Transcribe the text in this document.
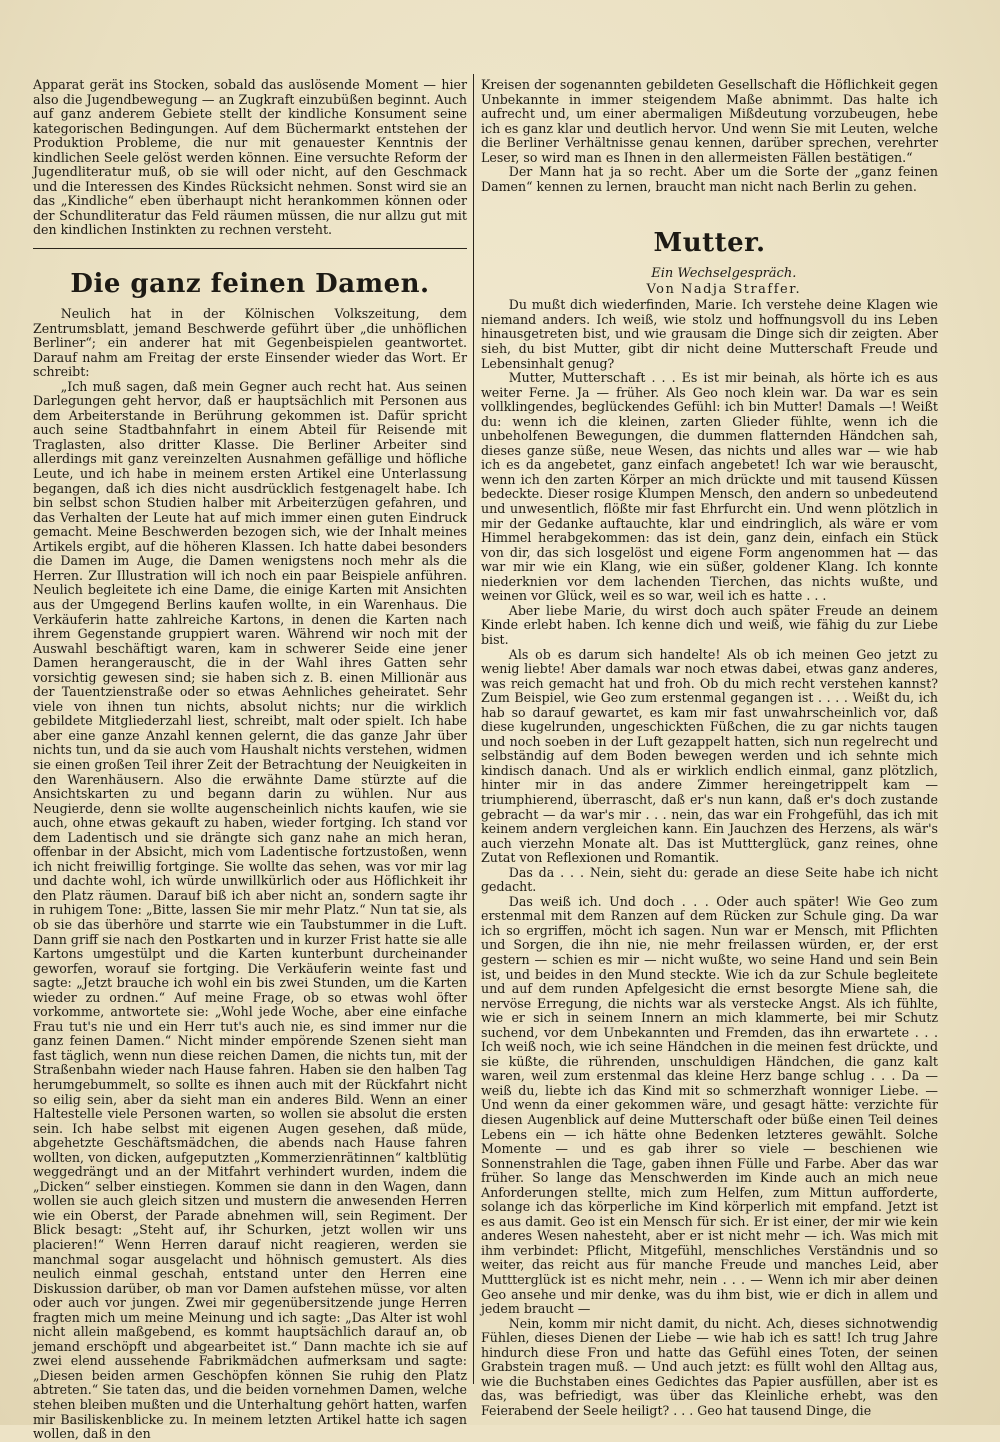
Apparat gerät ins Stocken, sobald das auslösende Moment — hier also die Jugendbewegung — an Zugkraft einzubüßen beginnt. Auch auf ganz anderem Gebiete stellt der kindliche Konsument seine kategorischen Bedingungen. Auf dem Büchermarkt entstehen der Produktion Probleme, die nur mit genauester Kenntnis der kindlichen Seele gelöst werden können. Eine versuchte Reform der Jugendliteratur muß, ob sie will oder nicht, auf den Geschmack und die Interessen des Kindes Rücksicht nehmen. Sonst wird sie an das „Kindliche“ eben überhaupt nicht herankommen können oder der Schundliteratur das Feld räumen müssen, die nur allzu gut mit den kindlichen Instinkten zu rechnen versteht.

Die ganz feinen Damen.

Neulich hat in der Kölnischen Volkszeitung, dem Zentrumsblatt, jemand Beschwerde geführt über „die unhöflichen Berliner“; ein anderer hat mit Gegenbeispielen geantwortet. Darauf nahm am Freitag der erste Einsender wieder das Wort. Er schreibt:

„Ich muß sagen, daß mein Gegner auch recht hat. Aus seinen Darlegungen geht hervor, daß er hauptsächlich mit Personen aus dem Arbeiterstande in Berührung gekommen ist. Dafür spricht auch seine Stadtbahnfahrt in einem Abteil für Reisende mit Traglasten, also dritter Klasse. Die Berliner Arbeiter sind allerdings mit ganz vereinzelten Ausnahmen gefällige und höfliche Leute, und ich habe in meinem ersten Artikel eine Unterlassung begangen, daß ich dies nicht ausdrücklich festgenagelt habe. Ich bin selbst schon Studien halber mit Arbeiterzügen gefahren, und das Verhalten der Leute hat auf mich immer einen guten Eindruck gemacht. Meine Beschwerden bezogen sich, wie der Inhalt meines Artikels ergibt, auf die höheren Klassen. Ich hatte dabei besonders die Damen im Auge, die Damen wenigstens noch mehr als die Herren. Zur Illustration will ich noch ein paar Beispiele anführen. Neulich begleitete ich eine Dame, die einige Karten mit Ansichten aus der Umgegend Berlins kaufen wollte, in ein Warenhaus. Die Verkäuferin hatte zahlreiche Kartons, in denen die Karten nach ihrem Gegenstande gruppiert waren. Während wir noch mit der Auswahl beschäftigt waren, kam in schwerer Seide eine jener Damen herangerauscht, die in der Wahl ihres Gatten sehr vorsichtig gewesen sind; sie haben sich z. B. einen Millionär aus der Tauentzienstraße oder so etwas Aehnliches geheiratet. Sehr viele von ihnen tun nichts, absolut nichts; nur die wirklich gebildete Mitgliederzahl liest, schreibt, malt oder spielt. Ich habe aber eine ganze Anzahl kennen gelernt, die das ganze Jahr über nichts tun, und da sie auch vom Haushalt nichts verstehen, widmen sie einen großen Teil ihrer Zeit der Betrachtung der Neuigkeiten in den Warenhäusern. Also die erwähnte Dame stürzte auf die Ansichtskarten zu und begann darin zu wühlen. Nur aus Neugierde, denn sie wollte augenscheinlich nichts kaufen, wie sie auch, ohne etwas gekauft zu haben, wieder fortging. Ich stand vor dem Ladentisch und sie drängte sich ganz nahe an mich heran, offenbar in der Absicht, mich vom Ladentische fortzustoßen, wenn ich nicht freiwillig fortginge. Sie wollte das sehen, was vor mir lag und dachte wohl, ich würde unwillkürlich oder aus Höflichkeit ihr den Platz räumen. Darauf biß ich aber nicht an, sondern sagte ihr in ruhigem Tone: „Bitte, lassen Sie mir mehr Platz.“ Nun tat sie, als ob sie das überhöre und starrte wie ein Taubstummer in die Luft. Dann griff sie nach den Postkarten und in kurzer Frist hatte sie alle Kartons umgestülpt und die Karten kunterbunt durcheinander geworfen, worauf sie fortging. Die Verkäuferin weinte fast und sagte: „Jetzt brauche ich wohl ein bis zwei Stunden, um die Karten wieder zu ordnen.“ Auf meine Frage, ob so etwas wohl öfter vorkomme, antwortete sie: „Wohl jede Woche, aber eine einfache Frau tut's nie und ein Herr tut's auch nie, es sind immer nur die ganz feinen Damen.“ Nicht minder empörende Szenen sieht man fast täglich, wenn nun diese reichen Damen, die nichts tun, mit der Straßenbahn wieder nach Hause fahren. Haben sie den halben Tag herumgebummelt, so sollte es ihnen auch mit der Rückfahrt nicht so eilig sein, aber da sieht man ein anderes Bild. Wenn an einer Haltestelle viele Personen warten, so wollen sie absolut die ersten sein. Ich habe selbst mit eigenen Augen gesehen, daß müde, abgehetzte Geschäftsmädchen, die abends nach Hause fahren wollten, von dicken, aufgeputzten „Kommerzienrätinnen“ kaltblütig weggedrängt und an der Mitfahrt verhindert wurden, indem die „Dicken“ selber einstiegen. Kommen sie dann in den Wagen, dann wollen sie auch gleich sitzen und mustern die anwesenden Herren wie ein Oberst, der Parade abnehmen will, sein Regiment. Der Blick besagt: „Steht auf, ihr Schurken, jetzt wollen wir uns placieren!“ Wenn Herren darauf nicht reagieren, werden sie manchmal sogar ausgelacht und höhnisch gemustert. Als dies neulich einmal geschah, entstand unter den Herren eine Diskussion darüber, ob man vor Damen aufstehen müsse, vor alten oder auch vor jungen. Zwei mir gegenübersitzende junge Herren fragten mich um meine Meinung und ich sagte: „Das Alter ist wohl nicht allein maßgebend, es kommt hauptsächlich darauf an, ob jemand erschöpft und abgearbeitet ist.“ Dann machte ich sie auf zwei elend aussehende Fabrikmädchen aufmerksam und sagte: „Diesen beiden armen Geschöpfen können Sie ruhig den Platz abtreten.“ Sie taten das, und die beiden vornehmen Damen, welche stehen bleiben mußten und die Unterhaltung gehört hatten, warfen mir Basiliskenblicke zu. In meinem letzten Artikel hatte ich sagen wollen, daß in den

Kreisen der sogenannten gebildeten Gesellschaft die Höflichkeit gegen Unbekannte in immer steigendem Maße abnimmt. Das halte ich aufrecht und, um einer abermaligen Mißdeutung vorzubeugen, hebe ich es ganz klar und deutlich hervor. Und wenn Sie mit Leuten, welche die Berliner Verhältnisse genau kennen, darüber sprechen, verehrter Leser, so wird man es Ihnen in den allermeisten Fällen bestätigen.“

Der Mann hat ja so recht. Aber um die Sorte der „ganz feinen Damen“ kennen zu lernen, braucht man nicht nach Berlin zu gehen.

Mutter.

Ein Wechselgespräch.

Von Nadja Straffer.

Du mußt dich wiederfinden, Marie. Ich verstehe deine Klagen wie niemand anders. Ich weiß, wie stolz und hoffnungsvoll du ins Leben hinausgetreten bist, und wie grausam die Dinge sich dir zeigten. Aber sieh, du bist Mutter, gibt dir nicht deine Mutterschaft Freude und Lebensinhalt genug?

Mutter, Mutterschaft . . . Es ist mir beinah, als hörte ich es aus weiter Ferne. Ja — früher. Als Geo noch klein war. Da war es sein vollklingendes, beglückendes Gefühl: ich bin Mutter! Damals —! Weißt du: wenn ich die kleinen, zarten Glieder fühlte, wenn ich die unbeholfenen Bewegungen, die dummen flatternden Händchen sah, dieses ganze süße, neue Wesen, das nichts und alles war — wie hab ich es da angebetet, ganz einfach angebetet! Ich war wie berauscht, wenn ich den zarten Körper an mich drückte und mit tausend Küssen bedeckte. Dieser rosige Klumpen Mensch, den andern so unbedeutend und unwesentlich, flößte mir fast Ehrfurcht ein. Und wenn plötzlich in mir der Gedanke auftauchte, klar und eindringlich, als wäre er vom Himmel herabgekommen: das ist dein, ganz dein, einfach ein Stück von dir, das sich losgelöst und eigene Form angenommen hat — das war mir wie ein Klang, wie ein süßer, goldener Klang. Ich konnte niederknien vor dem lachenden Tierchen, das nichts wußte, und weinen vor Glück, weil es so war, weil ich es hatte . . .

Aber liebe Marie, du wirst doch auch später Freude an deinem Kinde erlebt haben. Ich kenne dich und weiß, wie fähig du zur Liebe bist.

Als ob es darum sich handelte! Als ob ich meinen Geo jetzt zu wenig liebte! Aber damals war noch etwas dabei, etwas ganz anderes, was reich gemacht hat und froh. Ob du mich recht verstehen kannst? Zum Beispiel, wie Geo zum erstenmal gegangen ist . . . . Weißt du, ich hab so darauf gewartet, es kam mir fast unwahrscheinlich vor, daß diese kugelrunden, ungeschickten Füßchen, die zu gar nichts taugen und noch soeben in der Luft gezappelt hatten, sich nun regelrecht und selbständig auf dem Boden bewegen werden und ich sehnte mich kindisch danach. Und als er wirklich endlich einmal, ganz plötzlich, hinter mir in das andere Zimmer hereingetrippelt kam — triumphierend, überrascht, daß er's nun kann, daß er's doch zustande gebracht — da war's mir . . . nein, das war ein Frohgefühl, das ich mit keinem andern vergleichen kann. Ein Jauchzen des Herzens, als wär's auch vierzehn Monate alt. Das ist Muttterglück, ganz reines, ohne Zutat von Reflexionen und Romantik.

Das da . . . Nein, sieht du: gerade an diese Seite habe ich nicht gedacht.

Das weiß ich. Und doch . . . Oder auch später! Wie Geo zum erstenmal mit dem Ranzen auf dem Rücken zur Schule ging. Da war ich so ergriffen, möcht ich sagen. Nun war er Mensch, mit Pflichten und Sorgen, die ihn nie, nie mehr freilassen würden, er, der erst gestern — schien es mir — nicht wußte, wo seine Hand und sein Bein ist, und beides in den Mund steckte. Wie ich da zur Schule begleitete und auf dem runden Apfelgesicht die ernst besorgte Miene sah, die nervöse Erregung, die nichts war als verstecke Angst. Als ich fühlte, wie er sich in seinem Innern an mich klammerte, bei mir Schutz suchend, vor dem Unbekannten und Fremden, das ihn erwartete . . . Ich weiß noch, wie ich seine Händchen in die meinen fest drückte, und sie küßte, die rührenden, unschuldigen Händchen, die ganz kalt waren, weil zum erstenmal das kleine Herz bange schlug . . . Da — weiß du, liebte ich das Kind mit so schmerzhaft wonniger Liebe. — Und wenn da einer gekommen wäre, und gesagt hätte: verzichte für diesen Augenblick auf deine Mutterschaft oder büße einen Teil deines Lebens ein — ich hätte ohne Bedenken letzteres gewählt. Solche Momente — und es gab ihrer so viele — beschienen wie Sonnenstrahlen die Tage, gaben ihnen Fülle und Farbe. Aber das war früher. So lange das Menschwerden im Kinde auch an mich neue Anforderungen stellte, mich zum Helfen, zum Mittun aufforderte, solange ich das körperliche im Kind körperlich mit empfand. Jetzt ist es aus damit. Geo ist ein Mensch für sich. Er ist einer, der mir wie kein anderes Wesen nahesteht, aber er ist nicht mehr — ich. Was mich mit ihm verbindet: Pflicht, Mitgefühl, menschliches Verständnis und so weiter, das reicht aus für manche Freude und manches Leid, aber Muttterglück ist es nicht mehr, nein . . . — Wenn ich mir aber deinen Geo ansehe und mir denke, was du ihm bist, wie er dich in allem und jedem braucht —

Nein, komm mir nicht damit, du nicht. Ach, dieses sichnotwendig Fühlen, dieses Dienen der Liebe — wie hab ich es satt! Ich trug Jahre hindurch diese Fron und hatte das Gefühl eines Toten, der seinen Grabstein tragen muß. — Und auch jetzt: es füllt wohl den Alltag aus, wie die Buchstaben eines Gedichtes das Papier ausfüllen, aber ist es das, was befriedigt, was über das Kleinliche erhebt, was den Feierabend der Seele heiligt? . . . Geo hat tausend Dinge, die
